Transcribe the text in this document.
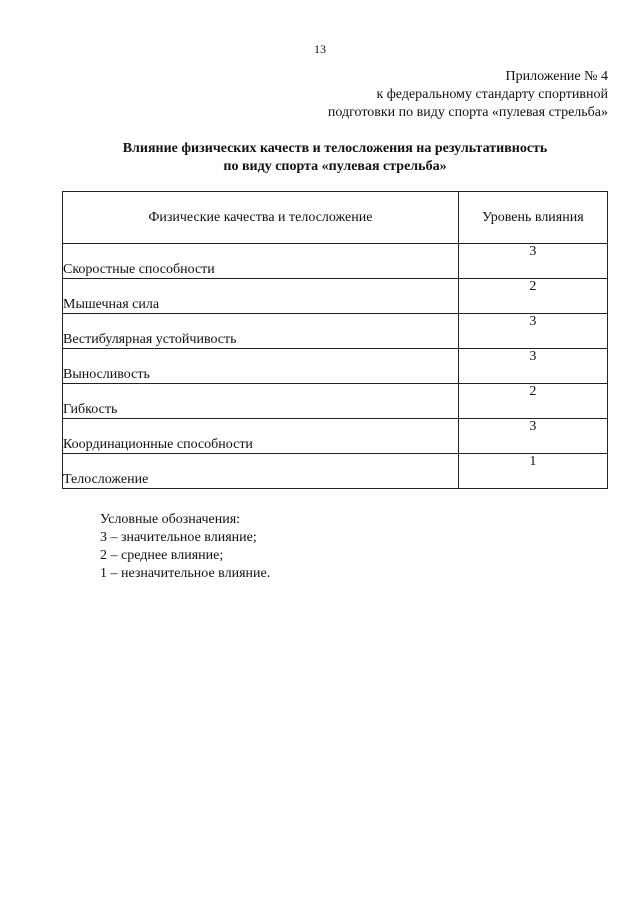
13
Приложение № 4
к федеральному стандарту спортивной
подготовки по виду спорта «пулевая стрельба»
Влияние физических качеств и телосложения на результативность
по виду спорта «пулевая стрельба»
Физические качества и телосложение	Уровень влияния
Скоростные способности	3
Мышечная сила	2
Вестибулярная устойчивость	3
Выносливость	3
Гибкость	2
Координационные способности	3
Телосложение	1
Условные обозначения:
3 – значительное влияние;
2 – среднее влияние;
1 – незначительное влияние.
